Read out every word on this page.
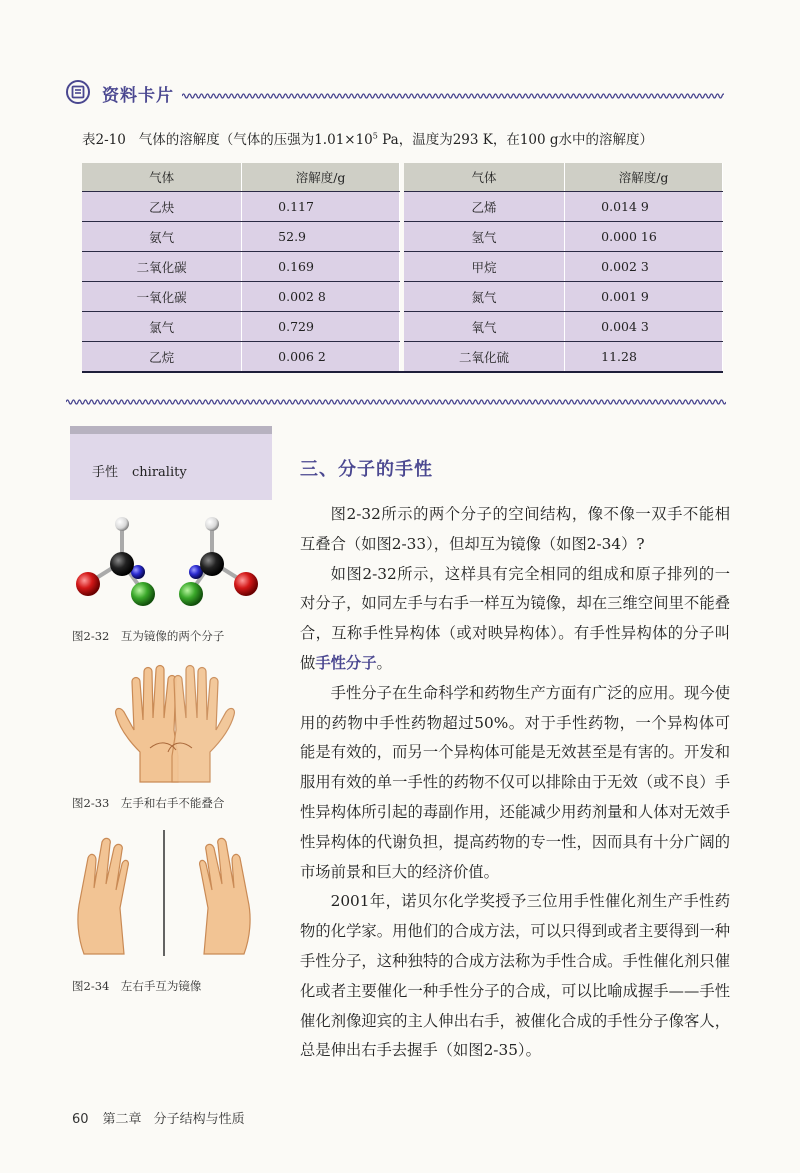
资料卡片
表2-10 气体的溶解度（气体的压强为$1.01\times 10^5$ Pa，温度为293 K，在100 g水中的溶解度）
气体	溶解度/g		气体	溶解度/g
乙炔	0.117		乙烯	0.014 9
氨气	52.9		氢气	0.000 16
二氧化碳	0.169		甲烷	0.002 3
一氧化碳	0.002 8		氮气	0.001 9
氯气	0.729		氧气	0.004 3
乙烷	0.006 2		二氧化硫	11.28
手性 chirality
图2-32　互为镜像的两个分子
图2-33　左手和右手不能叠合
图2-34　左右手互为镜像
三、分子的手性

图2-32所示的两个分子的空间结构，像不像一双手不能相互叠合（如图2-33），但却互为镜像（如图2-34）?

如图2-32所示，这样具有完全相同的组成和原子排列的一对分子，如同左手与右手一样互为镜像，却在三维空间里不能叠合，互称手性异构体（或对映异构体）。有手性异构体的分子叫做手性分子。

手性分子在生命科学和药物生产方面有广泛的应用。现今使用的药物中手性药物超过50%。对于手性药物，一个异构体可能是有效的，而另一个异构体可能是无效甚至是有害的。开发和服用有效的单一手性的药物不仅可以排除由于无效（或不良）手性异构体所引起的毒副作用，还能减少用药剂量和人体对无效手性异构体的代谢负担，提高药物的专一性，因而具有十分广阔的市场前景和巨大的经济价值。

2001年，诺贝尔化学奖授予三位用手性催化剂生产手性药物的化学家。用他们的合成方法，可以只得到或者主要得到一种手性分子，这种独特的合成方法称为手性合成。手性催化剂只催化或者主要催化一种手性分子的合成，可以比喻成握手——手性催化剂像迎宾的主人伸出右手，被催化合成的手性分子像客人，总是伸出右手去握手（如图2-35）。

60 第二章 分子结构与性质
